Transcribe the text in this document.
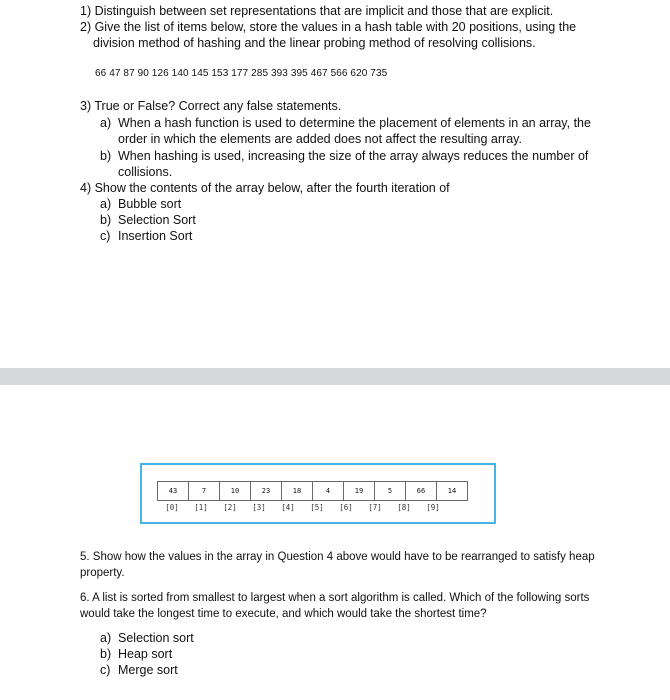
1) Distinguish between set representations that are implicit and those that are explicit.
2) Give the list of items below, store the values in a hash table with 20 positions, using the
division method of hashing and the linear probing method of resolving collisions.
66 47 87 90 126 140 145 153 177 285 393 395 467 566 620 735
3) True or False? Correct any false statements.
a) When a hash function is used to determine the placement of elements in an array, the
order in which the elements are added does not affect the resulting array.
b) When hashing is used, increasing the size of the array always reduces the number of
collisions.
4) Show the contents of the array below, after the fourth iteration of
a) Bubble sort
b) Selection Sort
c) Insertion Sort
43	7	10	23	18	4	19	5	66	14
[0]	[1]	[2]	[3]	[4]	[5]	[6]	[7]	[8]	[9]
5. Show how the values in the array in Question 4 above would have to be rearranged to satisfy heap
property.
6. A list is sorted from smallest to largest when a sort algorithm is called. Which of the following sorts
would take the longest time to execute, and which would take the shortest time?
a) Selection sort
b) Heap sort
c) Merge sort
